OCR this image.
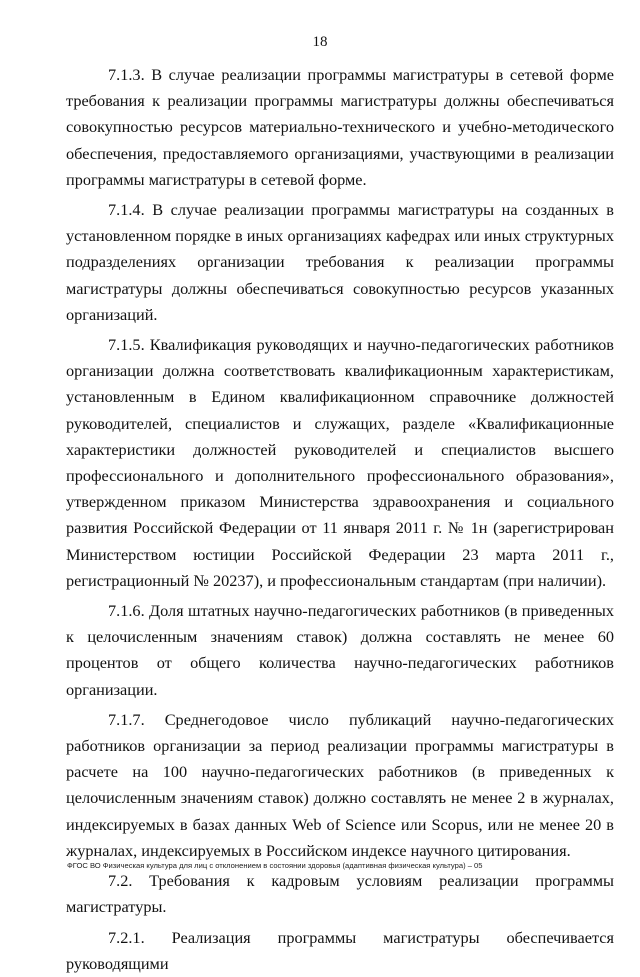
18

7.1.3. В случае реализации программы магистратуры в сетевой форме требования к реализации программы магистратуры должны обеспечиваться совокупностью ресурсов материально-технического и учебно-методического обеспечения, предоставляемого организациями, участвующими в реализации программы магистратуры в сетевой форме.

7.1.4. В случае реализации программы магистратуры на созданных в установленном порядке в иных организациях кафедрах или иных структурных подразделениях организации требования к реализации программы магистратуры должны обеспечиваться совокупностью ресурсов указанных организаций.

7.1.5. Квалификация руководящих и научно-педагогических работников организации должна соответствовать квалификационным характеристикам, установленным в Едином квалификационном справочнике должностей руководителей, специалистов и служащих, разделе «Квалификационные характеристики должностей руководителей и специалистов высшего профессионального и дополнительного профессионального образования», утвержденном приказом Министерства здравоохранения и социального развития Российской Федерации от 11 января 2011 г. № 1н (зарегистрирован Министерством юстиции Российской Федерации 23 марта 2011 г., регистрационный № 20237), и профессиональным стандартам (при наличии).

7.1.6. Доля штатных научно-педагогических работников (в приведенных к целочисленным значениям ставок) должна составлять не менее 60 процентов от общего количества научно-педагогических работников организации.

7.1.7. Среднегодовое число публикаций научно-педагогических работников организации за период реализации программы магистратуры в расчете на 100 научно-педагогических работников (в приведенных к целочисленным значениям ставок) должно составлять не менее 2 в журналах, индексируемых в базах данных Web of Science или Scopus, или не менее 20 в журналах, индексируемых в Российском индексе научного цитирования.

7.2. Требования к кадровым условиям реализации программы магистратуры.

7.2.1. Реализация программы магистратуры обеспечивается руководящими

ФГОС ВО Физическая культура для лиц с отклонением в состоянии здоровья (адаптивная физическая культура) – 05
